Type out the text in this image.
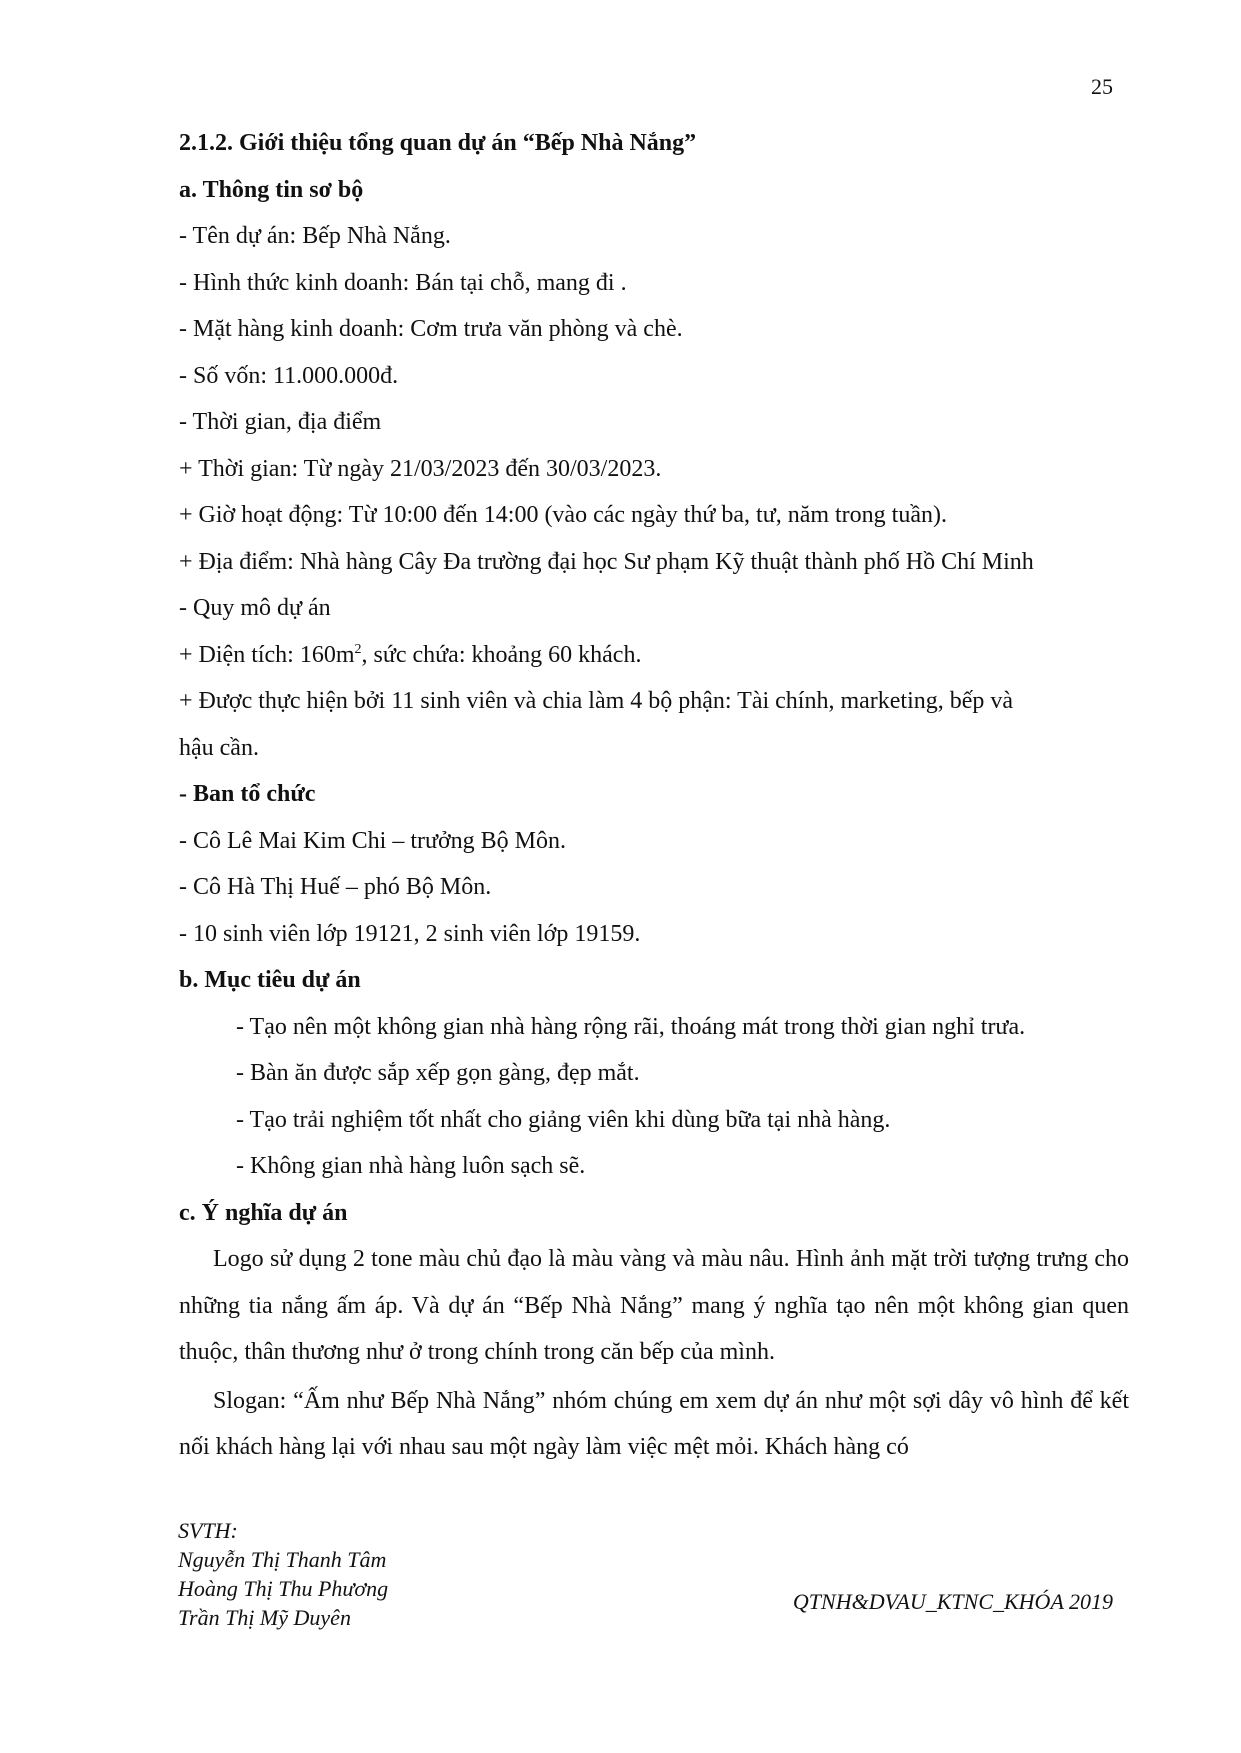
25
2.1.2. Giới thiệu tổng quan dự án “Bếp Nhà Nắng”
a. Thông tin sơ bộ
- Tên dự án: Bếp Nhà Nắng.
- Hình thức kinh doanh: Bán tại chỗ, mang đi .
- Mặt hàng kinh doanh: Cơm trưa văn phòng và chè.
- Số vốn: 11.000.000đ.
- Thời gian, địa điểm
+ Thời gian: Từ ngày 21/03/2023 đến 30/03/2023.
+ Giờ hoạt động: Từ 10:00 đến 14:00 (vào các ngày thứ ba, tư, năm trong tuần).
+ Địa điểm: Nhà hàng Cây Đa trường đại học Sư phạm Kỹ thuật thành phố Hồ Chí Minh
- Quy mô dự án
+ Diện tích: $160m^2$, sức chứa: khoảng 60 khách.
+ Được thực hiện bởi 11 sinh viên và chia làm 4 bộ phận: Tài chính, marketing, bếp và
hậu cần.
- Ban tổ chức
- Cô Lê Mai Kim Chi – trưởng Bộ Môn.
- Cô Hà Thị Huế – phó Bộ Môn.
- 10 sinh viên lớp 19121, 2 sinh viên lớp 19159.
b. Mục tiêu dự án
- Tạo nên một không gian nhà hàng rộng rãi, thoáng mát trong thời gian nghỉ trưa.
- Bàn ăn được sắp xếp gọn gàng, đẹp mắt.
- Tạo trải nghiệm tốt nhất cho giảng viên khi dùng bữa tại nhà hàng.
- Không gian nhà hàng luôn sạch sẽ.
c. Ý nghĩa dự án
Logo sử dụng 2 tone màu chủ đạo là màu vàng và màu nâu. Hình ảnh mặt trời tượng trưng cho những tia nắng ấm áp. Và dự án “Bếp Nhà Nắng” mang ý nghĩa tạo nên một không gian quen thuộc, thân thương như ở trong chính trong căn bếp của mình.
Slogan: “Ấm như Bếp Nhà Nắng” nhóm chúng em xem dự án như một sợi dây vô hình để kết nối khách hàng lại với nhau sau một ngày làm việc mệt mỏi. Khách hàng có
SVTH:
Nguyễn Thị Thanh Tâm
Hoàng Thị Thu Phương
Trần Thị Mỹ Duyên
QTNH&DVAU_KTNC_KHÓA 2019
